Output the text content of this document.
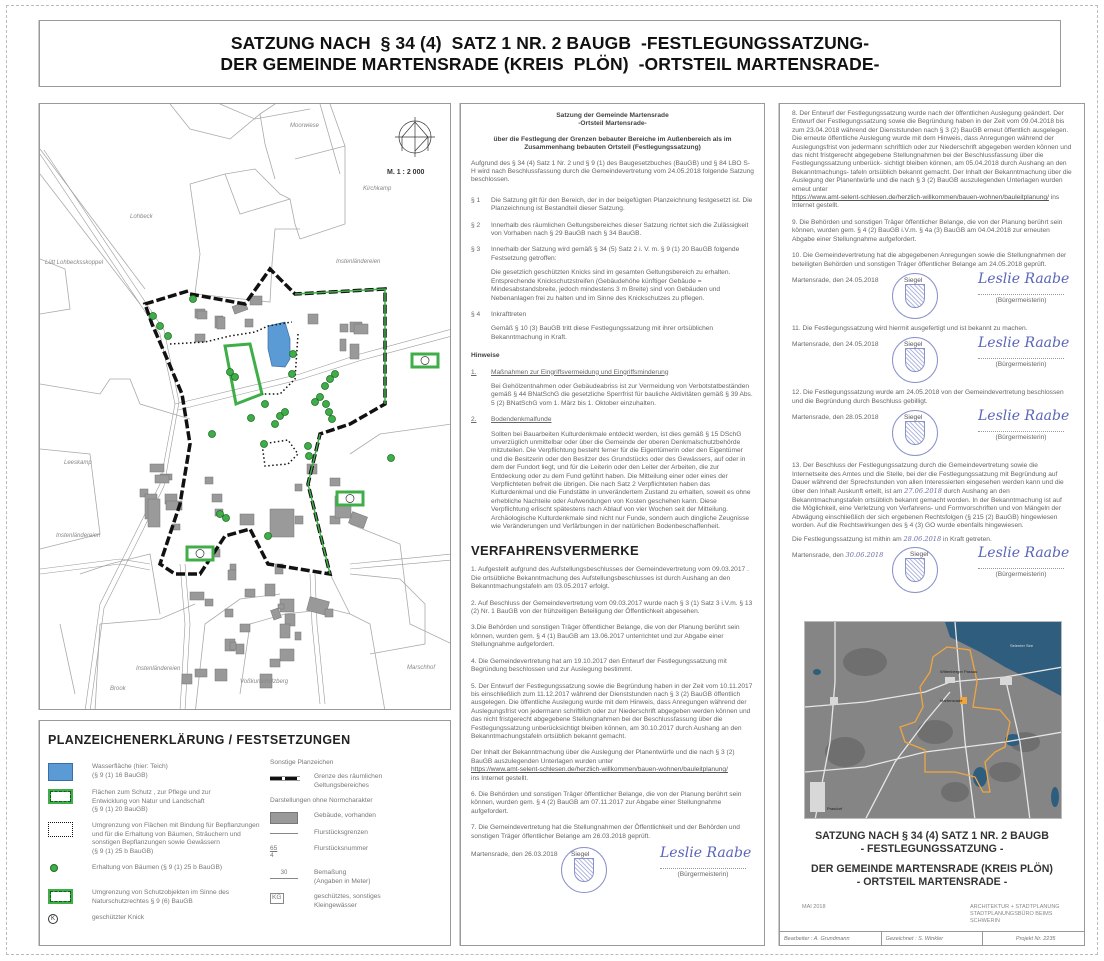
SATZUNG NACH  § 34 (4)  SATZ 1 NR. 2 BAUGB  -FESTLEGUNGSSATZUNG-
DER GEMEINDE MARTENSRADE (KREIS  PLÖN)  -ORTSTEIL MARTENSRADE-
M. 1 : 2 000
Moorwiese
Kirchkamp
Lohbeck
Lütt Lohbecksskoppel	Instenländereien
Leeskamp
Instenländereien
Instenländereien	Marschhof
Voßkumsholzberg
Brook
PLANZEICHENERKLÄRUNG / FESTSETZUNGEN
Wasserfläche (hier: Teich)
(§ 9 (1) 16 BauGB)
Flächen zum Schutz , zur Pflege und zur
Entwicklung von Natur und Landschaft
(§ 9 (1) 20 BauGB)
Umgrenzung von Flächen mit Bindung für Bepflanzungen
und für die Erhaltung von Bäumen, Sträuchern und
sonstigen Bepflanzungen sowie Gewässern
(§ 9 (1) 25 b BauGB)
Erhaltung von Bäumen (§ 9 (1) 25 b BauGB)
Umgrenzung von Schutzobjekten im Sinne des
Naturschutzrechtes § 9 (6) BauGB
K	geschützter Knick
Sonstige Planzeichen
Grenze des räumlichen
Geltungsbereiches
Darstellungen ohne Normcharakter
Gebäude, vorhanden
Flurstücksgrenzen
65
4
Flurstücksnummer
30	Bemaßung
(Angaben in Meter)
KG	geschütztes, sonstiges
Kleingewässer
Satzung der Gemeinde Martensrade
-Ortsteil Martensrade-
über die Festlegung der Grenzen bebauter Bereiche im Außenbereich als im Zusammenhang bebauten Ortsteil (Festlegungssatzung)
Aufgrund des § 34 (4) Satz 1 Nr. 2 und § 9 (1) des Baugesetzbuches (BauGB) und § 84 LBO S-H wird nach Beschlussfassung durch die Gemeindevertretung vom 24.05.2018 folgende Satzung beschlossen.
§ 1	Die Satzung gilt für den Bereich, der in der beigefügten Planzeichnung festgesetzt ist. Die Planzeichnung ist Bestandteil dieser Satzung.
§ 2	Innerhalb des räumlichen Geltungsbereiches dieser Satzung richtet sich die Zulässigkeit von Vorhaben nach § 29 BauGB nach § 34 BauGB.
§ 3	Innerhalb der Satzung wird gemäß § 34 (5) Satz 2 i. V. m. § 9 (1) 20 BauGB folgende Festsetzung getroffen:
Die gesetzlich geschützten Knicks sind im gesamten Geltungsbereich zu erhalten. Entsprechende Knickschutzstreifen (Gebäudehöhe künftiger Gebäude = Mindesabstandsbreite, jedoch mindestens 3 m Breite) sind von Gebäuden und Nebenanlagen frei zu halten und im Sinne des Knickschutzes zu pflegen.
§ 4	Inkrafttreten
Gemäß § 10 (3) BauGB tritt diese Festlegungssatzung mit ihrer ortsüblichen Bekanntmachung in Kraft.
Hinweise
1.	Maßnahmen zur Eingriffsvermeidung und Eingriffsminderung
Bei Gehölzentnahmen oder Gebäudeabriss ist zur Vermeidung von Verbotstatbeständen gemäß § 44 BNatSchG die gesetzliche Sperrfrist für bauliche Aktivitäten gemäß § 39 Abs. 5 (2) BNatSchG vom 1. März bis 1. Oktober einzuhalten.
2.	Bodendenkmalfunde
Sollten bei Bauarbeiten Kulturdenkmale entdeckt werden, ist dies gemäß § 15 DSchG unverzüglich unmittelbar oder über die Gemeinde der oberen Denkmalschutzbehörde mitzuteilen. Die Verpflichtung besteht ferner für die Eigentümerin oder den Eigentümer und die Besitzerin oder den Besitzer des Grundstücks oder des Gewässers, auf oder in dem der Fundort liegt, und für die Leiterin oder den Leiter der Arbeiten, die zur Entdeckung oder zu dem Fund geführt haben. Die Mitteilung einer oder eines der Verpflichteten befreit die übrigen. Die nach Satz 2 Verpflichteten haben das Kulturdenkmal und die Fundstätte in unverändertem Zustand zu erhalten, soweit es ohne erhebliche Nachteile oder Aufwendungen von Kosten geschehen kann. Diese Verpflichtung erlischt spätestens nach Ablauf von vier Wochen seit der Mitteilung. Archäologische Kulturdenkmale sind nicht nur Funde, sondern auch dingliche Zeugnisse wie Veränderungen und Verfärbungen in der natürlichen Bodenbeschaffenheit.
VERFAHRENSVERMERKE
1. Aufgestellt aufgrund des Aufstellungsbeschlusses der Gemeindevertretung vom 09.03.2017 . Die ortsübliche Bekanntmachung des Aufstellungsbeschlusses ist durch Aushang an den Bekanntmachungstafeln am 03.05.2017 erfolgt.
2. Auf Beschluss der Gemeindevertretung vom 09.03.2017 wurde nach § 3 (1) Satz 3 i.V.m. § 13 (2) Nr. 1 BauGB von der frühzeitigen Beteiligung der Öffentlichkeit abgesehen.
3.Die Behörden und sonstigen Träger öffentlicher Belange, die von der Planung berührt sein können, wurden gem. § 4 (1) BauGB am 13.06.2017 unterrichtet und zur Abgabe einer Stellungnahme aufgefordert.
4. Die Gemeindevertretung hat am 19.10.2017 den Entwurf der Festlegungssatzung mit Begründung beschlossen und zur Auslegung bestimmt.
5. Der Entwurf der Festlegungssatzung sowie die Begründung haben in der Zeit vom 10.11.2017 bis einschließlich zum 11.12.2017 während der Dienststunden nach § 3 (2) BauGB öffentlich ausgelegen. Die öffentliche Auslegung wurde mit dem Hinweis, dass Anregungen während der Auslegungsfrist von jedermann schriftlich oder zur Niederschrift abgegeben werden können und das nicht fristgerecht abgegebene Stellungnahmen bei der Beschlussfassung über die Festlegungssatzung unberücksichtigt bleiben können, am 30.10.2017 durch Aushang an den Bekanntmachungstafeln ortsüblich bekannt gemacht.
Der Inhalt der Bekanntmachung über die Auslegung der Planentwürfe und die nach § 3 (2) BauGB auszulegenden Unterlagen wurden unter
https://www.amt-selent-schlesen.de/herzlich-willkommen/bauen-wohnen/bauleitplanung/
ins Internet gestellt.
6. Die Behörden und sonstigen Träger öffentlicher Belange, die von der Planung berührt sein können, wurden gem. § 4 (2) BauGB am 07.11.2017 zur Abgabe einer Stellungnahme aufgefordert.
7. Die Gemeindevertretung hat die Stellungnahmen der Öffentlichkeit und der Behörden und sonstigen Träger öffentlicher Belange am 26.03.2018 geprüft.
Martensrade, den 26.03.2018 Siegel	Leslie Raabe
(Bürgermeisterin)
8. Der Entwurf der Festlegungssatzung wurde nach der öffentlichen Auslegung geändert. Der Entwurf der Festlegungssatzung sowie die Begründung haben in der Zeit vom 09.04.2018 bis zum 23.04.2018 während der Dienststunden nach § 3 (2) BauGB erneut öffentlich ausgelegen. Die erneute öffentliche Auslegung wurde mit dem Hinweis, dass Anregungen während der Auslegungsfrist von jedermann schriftlich oder zur Niederschrift abgegeben werden können und das nicht fristgerecht abgegebene Stellungnahmen bei der Beschlussfassung über die Festlegungssatzung unberück- sichtigt bleiben können, am 05.04.2018 durch Aushang an den Bekanntmachungs- tafeln ortsüblich bekannt gemacht. Der Inhalt der Bekanntmachung über die Auslegung der Planentwürfe und die nach § 3 (2) BauGB auszulegenden Unterlagen wurden erneut unter
https://www.amt-selent-schlesen.de/herzlich-willkommen/bauen-wohnen/bauleitplanung/ ins Internet gestellt.
9. Die Behörden und sonstigen Träger öffentlicher Belange, die von der Planung berührt sein können, wurden gem. § 4 (2) BauGB i.V.m. § 4a (3) BauGB am 04.04.2018 zur erneuten Abgabe einer Stellungnahme aufgefordert.
10. Die Gemeindevertretung hat die abgegebenen Anregungen sowie die Stellungnahmen der beteiligten Behörden und sonstigen Träger öffentlicher Belange am 24.05.2018 geprüft.
Martensrade, den 24.05.2018	Siegel	Leslie Raabe
(Bürgermeisterin)
11. Die Festlegungssatzung wird hiermit ausgefertigt und ist bekannt zu machen.
Martensrade, den 24.05.2018	Siegel	Leslie Raabe
(Bürgermeisterin)
12. Die Festlegungssatzung wurde am 24.05.2018 von der Gemeindevertretung beschlossen und die Begründung durch Beschluss gebilligt.
Martensrade, den 28.05.2018	Siegel	Leslie Raabe
(Bürgermeisterin)
13. Der Beschluss der Festlegungssatzung durch die Gemeindevertretung sowie die Internetseite des Amtes und die Stelle, bei der die Festlegungssatzung mit Begründung auf Dauer während der Sprechstunden von allen Interessierten eingesehen werden kann und die über den Inhalt Auskunft erteilt, ist am 27.06.2018 durch Aushang an den Bekanntmachungstafeln ortsüblich bekannt gemacht worden. In der Bekanntmachung ist auf die Möglichkeit, eine Verletzung von Verfahrens- und Formvorschriften und von Mängeln der Abwägung einschließlich der sich ergebenen Rechtsfolgen (§ 215 (2) BauGB) hingewiesen worden. Auf die Rechtswirkungen des § 4 (3) GO wurde ebenfalls hingewiesen.
Die Festlegungssatzung ist mithin am 28.06.2018 in Kraft getreten.
Martensrade, den 30.06.2018	Siegel	Leslie Raabe
(Bürgermeisterin)
Selenter See
Wittenberger Passau
Martensrade
Prasdorf
SATZUNG NACH § 34 (4) SATZ 1 NR. 2 BAUGB
- FESTLEGUNGSSATZUNG -
DER GEMEINDE MARTENSRADE (KREIS PLÖN)
- ORTSTEIL MARTENSRADE -
MAI 2018	ARCHITEKTUR + STADTPLANUNG
STADTPLANUNGSBÜRO BEIMS
SCHWERIN
Bearbeiter : A. Grundmann	Gezeichnet : S. Winkler	Projekt Nr. 2235
